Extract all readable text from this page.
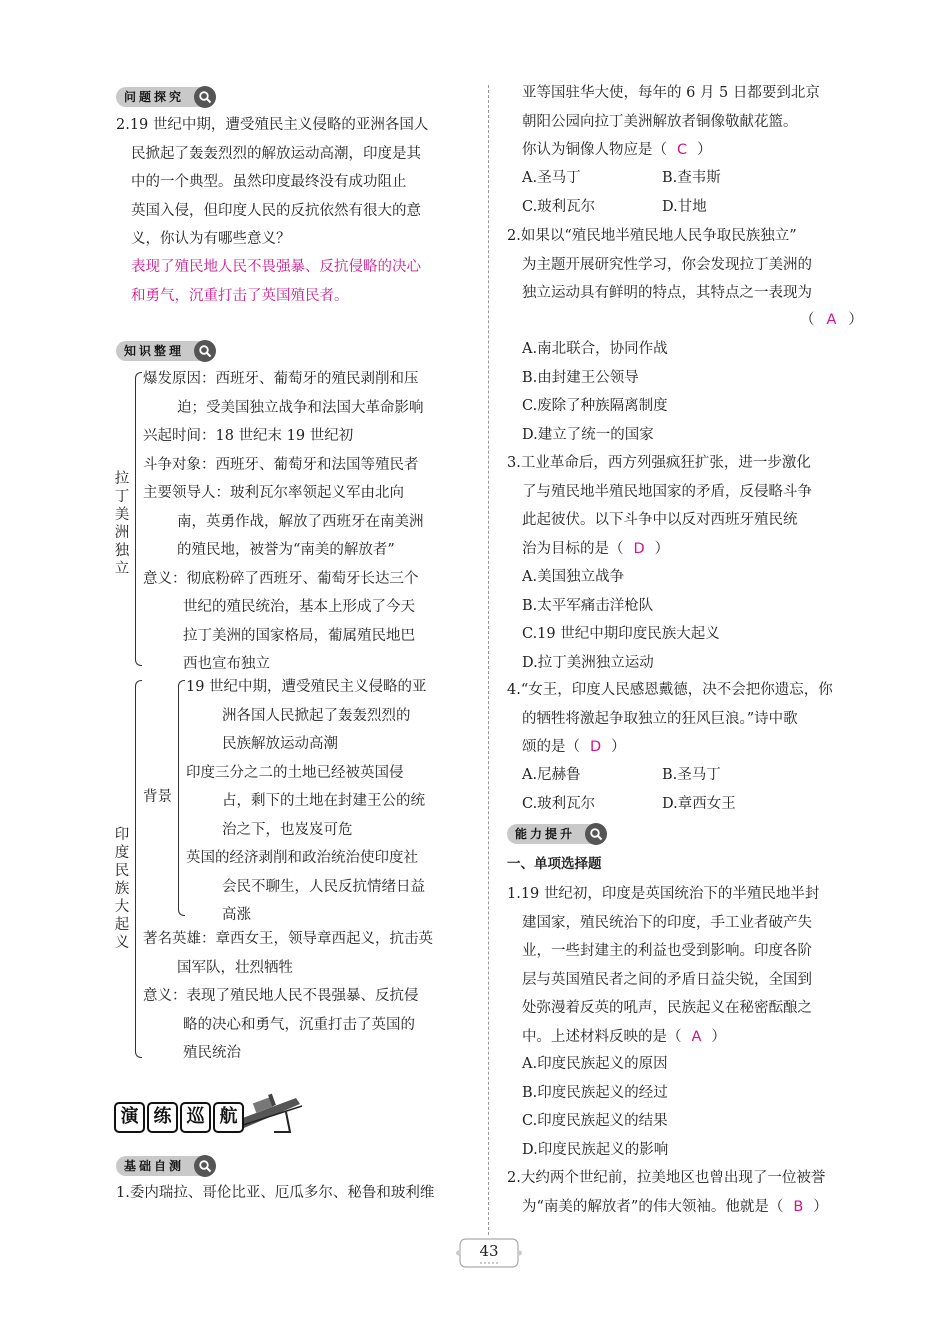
问题探究
2.19 世纪中期，遭受殖民主义侵略的亚洲各国人
民掀起了轰轰烈烈的解放运动高潮，印度是其
中的一个典型。虽然印度最终没有成功阻止
英国入侵，但印度人民的反抗依然有很大的意
义，你认为有哪些意义？
表现了殖民地人民不畏强暴、反抗侵略的决心
和勇气，沉重打击了英国殖民者。
知识整理
拉丁美洲独立
爆发原因：西班牙、葡萄牙的殖民剥削和压
迫；受美国独立战争和法国大革命影响
兴起时间：18 世纪末 19 世纪初
斗争对象：西班牙、葡萄牙和法国等殖民者
主要领导人：玻利瓦尔率领起义军由北向
南，英勇作战，解放了西班牙在南美洲
的殖民地，被誉为“南美的解放者”
意义：彻底粉碎了西班牙、葡萄牙长达三个
世纪的殖民统治，基本上形成了今天
拉丁美洲的国家格局，葡属殖民地巴
西也宣布独立
印度民族大起义
背景
19 世纪中期，遭受殖民主义侵略的亚
洲各国人民掀起了轰轰烈烈的
民族解放运动高潮
印度三分之二的土地已经被英国侵
占，剩下的土地在封建王公的统
治之下，也岌岌可危
英国的经济剥削和政治统治使印度社
会民不聊生，人民反抗情绪日益
高涨
著名英雄：章西女王，领导章西起义，抗击英
国军队，壮烈牺牲
意义：表现了殖民地人民不畏强暴、反抗侵
略的决心和勇气，沉重打击了英国的
殖民统治
演 练 巡 航
基础自测
1.委内瑞拉、哥伦比亚、厄瓜多尔、秘鲁和玻利维
亚等国驻华大使，每年的 6 月 5 日都要到北京
朝阳公园向拉丁美洲解放者铜像敬献花篮。
你认为铜像人物应是（ C ）
A.圣马丁	B.查韦斯
C.玻利瓦尔	D.甘地
2.如果以“殖民地半殖民地人民争取民族独立”
为主题开展研究性学习，你会发现拉丁美洲的
独立运动具有鲜明的特点，其特点之一表现为
（ A ）
A.南北联合，协同作战
B.由封建王公领导
C.废除了种族隔离制度
D.建立了统一的国家
3.工业革命后，西方列强疯狂扩张，进一步激化
了与殖民地半殖民地国家的矛盾，反侵略斗争
此起彼伏。以下斗争中以反对西班牙殖民统
治为目标的是（ D ）
A.美国独立战争
B.太平军痛击洋枪队
C.19 世纪中期印度民族大起义
D.拉丁美洲独立运动
4.“女王，印度人民感恩戴德，决不会把你遗忘，你
的牺牲将激起争取独立的狂风巨浪。”诗中歌
颂的是（ D ）
A.尼赫鲁	B.圣马丁
C.玻利瓦尔	D.章西女王
能力提升
一、单项选择题
1.19 世纪初，印度是英国统治下的半殖民地半封
建国家，殖民统治下的印度，手工业者破产失
业，一些封建主的利益也受到影响。印度各阶
层与英国殖民者之间的矛盾日益尖锐，全国到
处弥漫着反英的吼声，民族起义在秘密酝酿之
中。上述材料反映的是（ A ）
A.印度民族起义的原因
B.印度民族起义的经过
C.印度民族起义的结果
D.印度民族起义的影响
2.大约两个世纪前，拉美地区也曾出现了一位被誉
为“南美的解放者”的伟大领袖。他就是（ B ）
43
